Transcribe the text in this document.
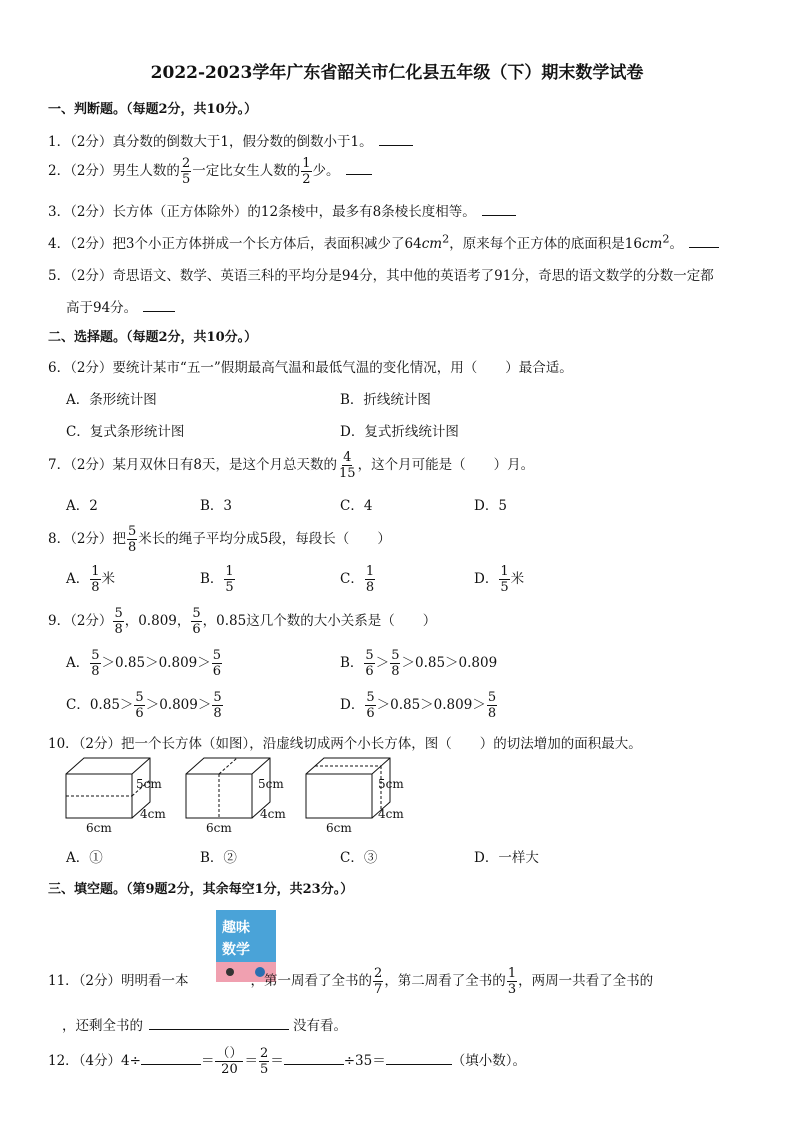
2022-2023学年广东省韶关市仁化县五年级（下）期末数学试卷
一、判断题。（每题2分，共10分。）
1．（2分）真分数的倒数大于1，假分数的倒数小于1。
2．（2分）男生人数的 $\frac{2}{5}$ 一定比女生人数的 $\frac{1}{2}$ 少。
3．（2分）长方体（正方体除外）的12条棱中，最多有8条棱长度相等。
4．（2分）把3个小正方体拼成一个长方体后，表面积减少了$64cm^2$，原来每个正方体的底面积是$16cm^2$。
5．（2分）奇思语文、数学、英语三科的平均分是94分，其中他的英语考了91分，奇思的语文数学的分数一定都
高于94分。
二、选择题。（每题2分，共10分。）
6．（2分）要统计某市“五一”假期最高气温和最低气温的变化情况，用（ ）最合适。
A．条形统计图	B．折线统计图
C．复式条形统计图	D．复式折线统计图
7．（2分）某月双休日有8天，是这个月总天数的 $\frac{4}{15}$ ，这个月可能是（ ）月。
A．2	B．3	C．4	D．5
8．（2分）把 $\frac{5}{8}$ 米长的绳子平均分成5段，每段长（ ）
A． $\frac{1}{8}$ 米	B． $\frac{1}{5}$	C． $\frac{1}{8}$	D． $\frac{1}{5}$ 米
9．（2分） $\frac{5}{8}$ ，0.809， $\frac{5}{6}$ ，0.85这几个数的大小关系是（ ）
A． $\frac{5}{8} >0.85>0.809> \frac{5}{6}$	B． $\frac{5}{6} > \frac{5}{8} >0.85>0.809$
C．$0.85> \frac{5}{6} >0.809> \frac{5}{8}$	D． $\frac{5}{6} >0.85>0.809> \frac{5}{8}$
10．（2分）把一个长方体（如图），沿虚线切成两个小长方体，图（ ）的切法增加的面积最大。
5cm
4cm
6cm
5cm
4cm
6cm
5cm
4cm
6cm
A．①	B．②	C．③	D．一样大
三、填空题。（第9题2分，其余每空1分，共23分。）
趣味
数学
11．（2分）明明看一本	，第一周看了全书的 $\frac{2}{7}$ ，第二周看了全书的 $\frac{1}{3}$ ，两周一共看了全书的
，还剩全书的	没有看。
12．（4分）4÷	＝ $\frac{()}{20} = \frac{2}{5}$ ＝	÷35＝	（填小数）。
